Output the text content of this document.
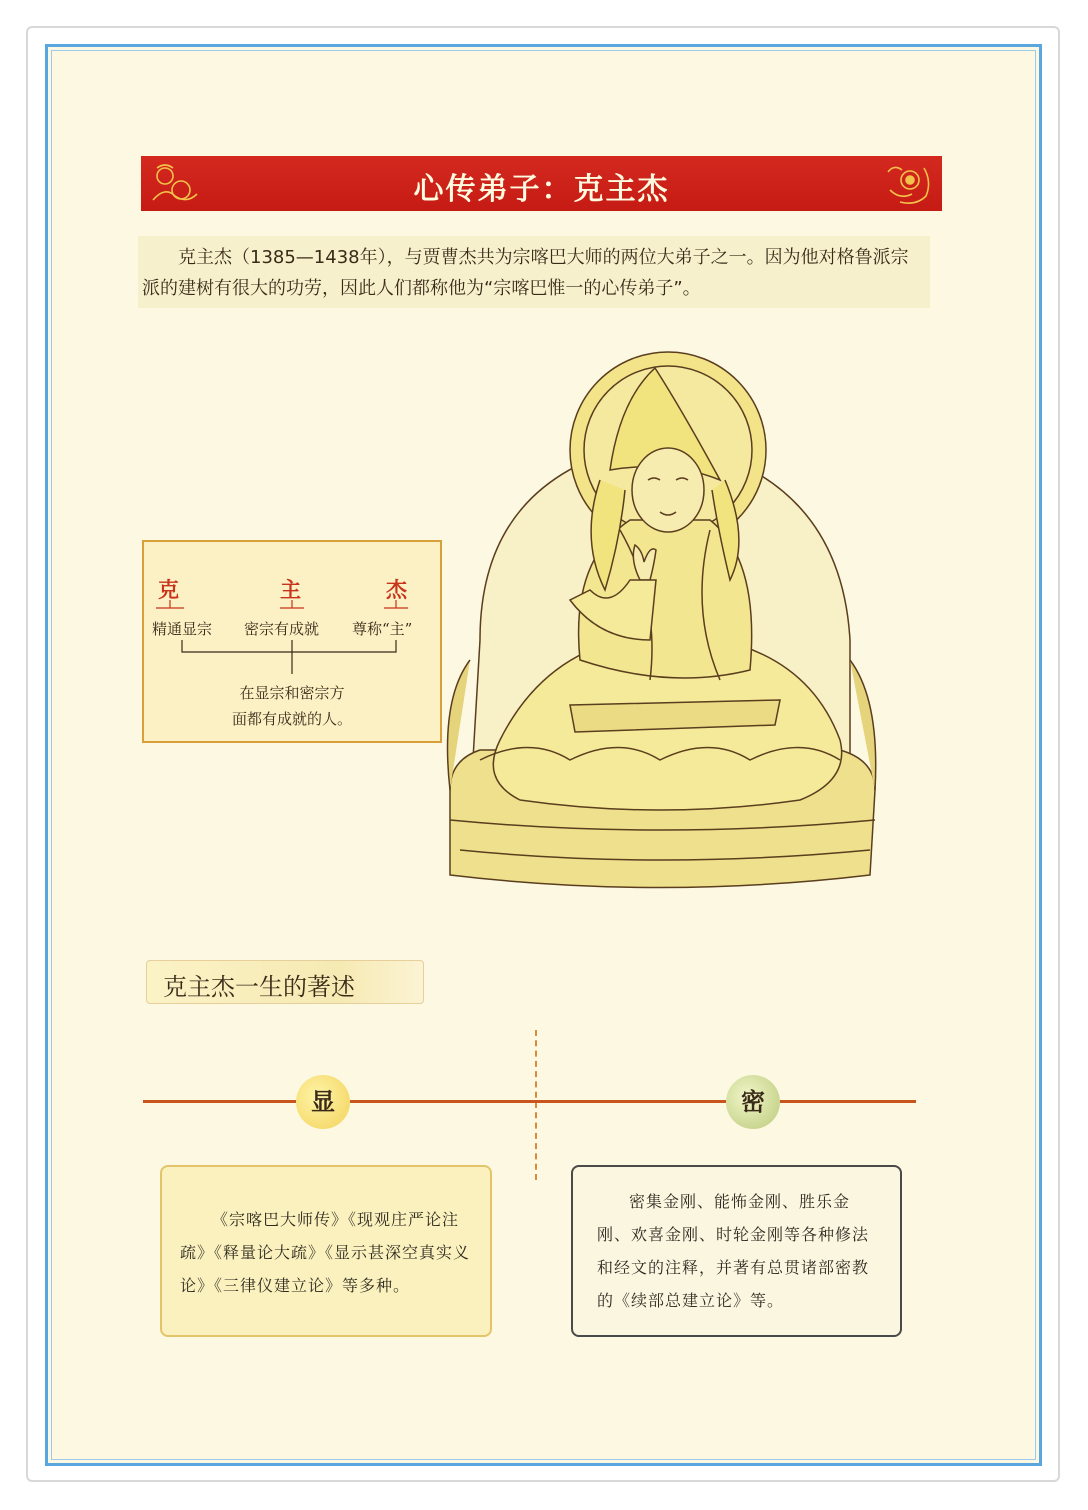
心传弟子：克主杰

克主杰（1385—1438年），与贾曹杰共为宗喀巴大师的两位大弟子之一。因为他对格鲁派宗派的建树有很大的功劳，因此人们都称他为“宗喀巴惟一的心传弟子”。

克	主	杰
精通显宗 密宗有成就 尊称“主”
在显宗和密宗方
面都有成就的人。
克主杰一生的著述
显	密

《宗喀巴大师传》《现观庄严论注疏》《释量论大疏》《显示甚深空真实义论》《三律仪建立论》等多种。

密集金刚、能怖金刚、胜乐金刚、欢喜金刚、时轮金刚等各种修法和经文的注释，并著有总贯诸部密教的《续部总建立论》等。
